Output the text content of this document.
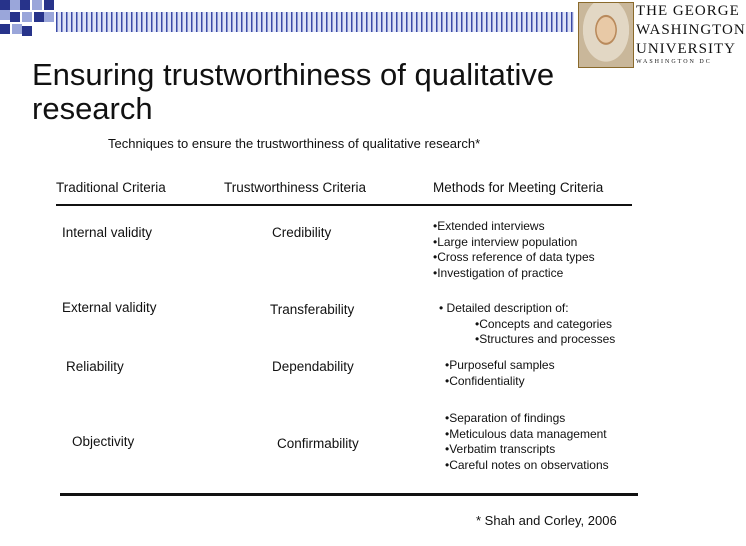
THE GEORGE
WASHINGTON
UNIVERSITY
WASHINGTON DC
Ensuring trustworthiness of qualitative
research
Techniques to ensure the trustworthiness of qualitative research*
Traditional Criteria	Trustworthiness Criteria	Methods for Meeting Criteria
Internal validity	Credibility	•Extended interviews
•Large interview population
•Cross reference of data types
•Investigation of practice
External validity	Transferability	• Detailed description of:
•Concepts and categories
•Structures and processes
Reliability	Dependability	•Purposeful samples
•Confidentiality
Objectivity	Confirmability
•Separation of findings
•Meticulous data management
•Verbatim transcripts
•Careful notes on observations
* Shah and Corley, 2006
